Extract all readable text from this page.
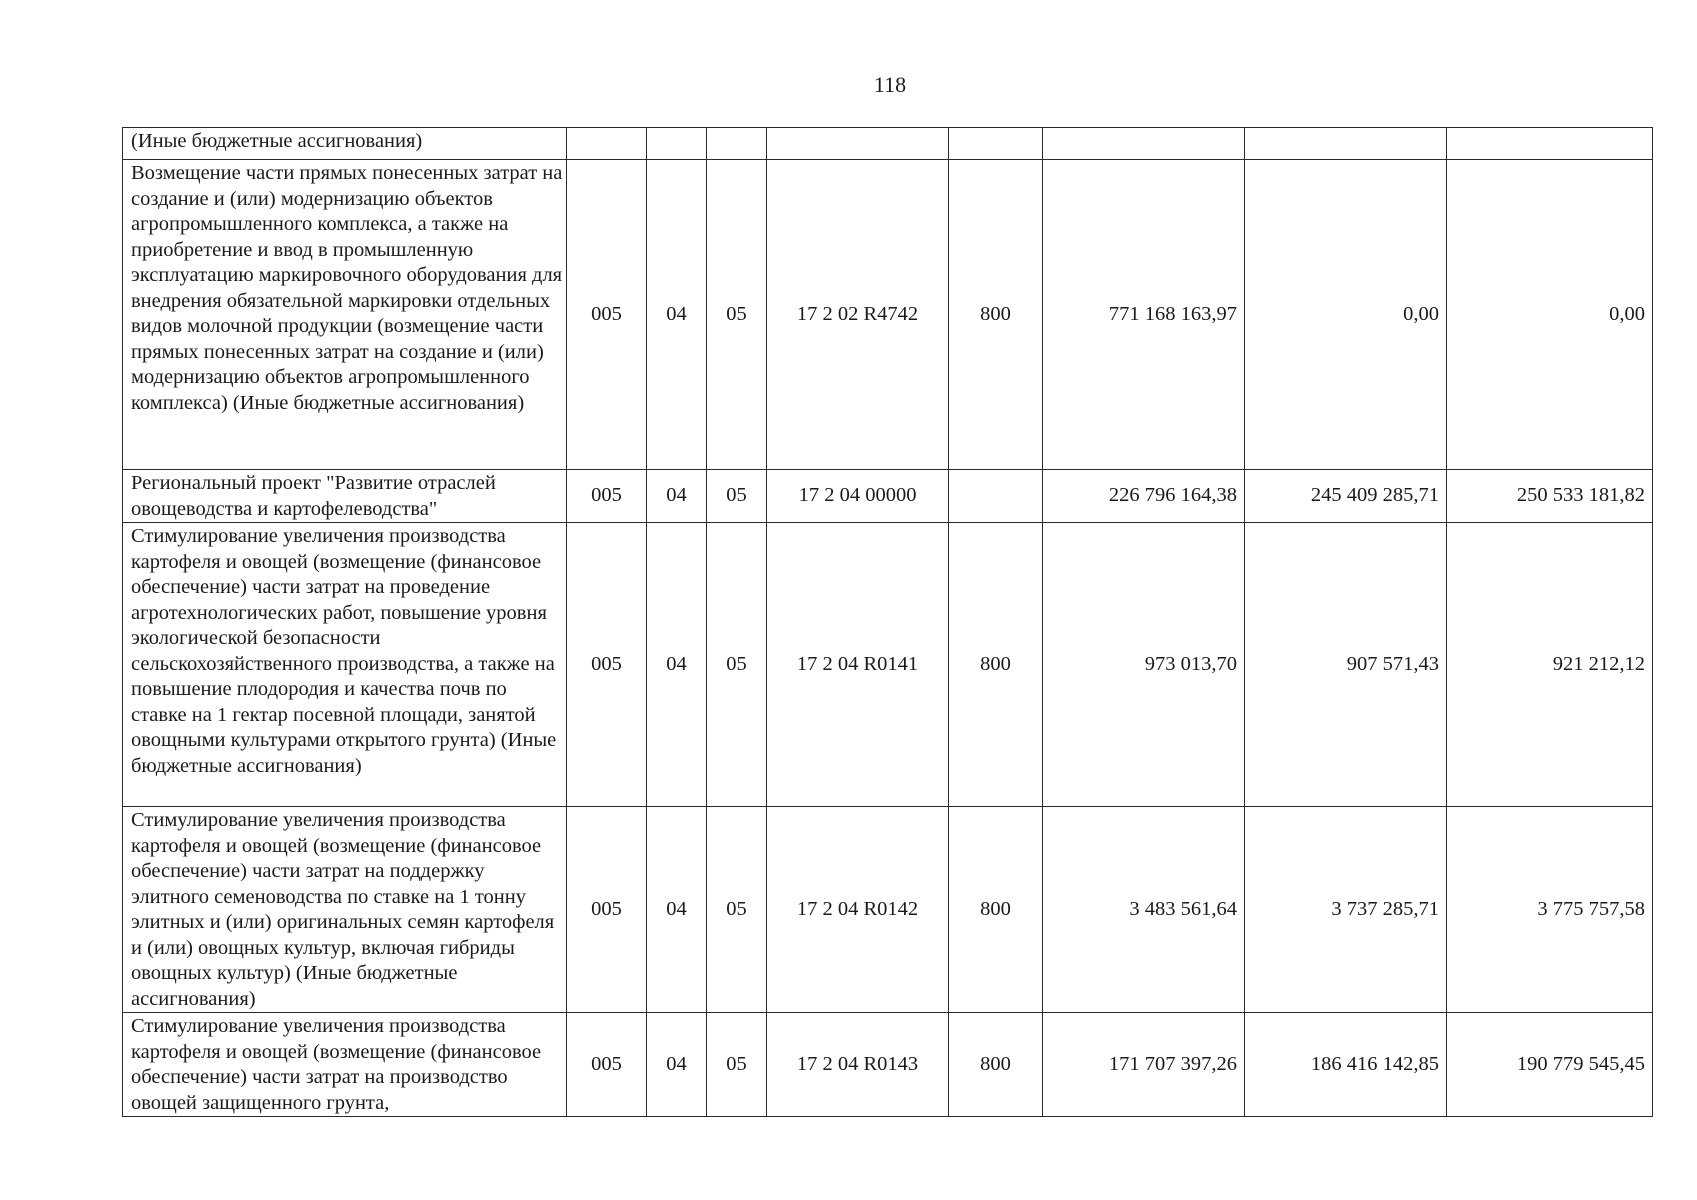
118
(Иные бюджетные ассигнования)								
Возмещение части прямых понесенных затрат на создание и (или) модернизацию объектов агропромышленного комплекса, а также на приобретение и ввод в промышленную эксплуатацию маркировочного оборудования для внедрения обязательной маркировки отдельных видов молочной продукции (возмещение части прямых понесенных затрат на создание и (или) модернизацию объектов агропромышленного комплекса) (Иные бюджетные ассигнования)	005	04	05	17 2 02 R4742	800	771 168 163,97	0,00	0,00
Региональный проект "Развитие отраслей овощеводства и картофелеводства"	005	04	05	17 2 04 00000		226 796 164,38	245 409 285,71	250 533 181,82
Стимулирование увеличения производства картофеля и овощей (возмещение (финансовое обеспечение) части затрат на проведение агротехнологических работ, повышение уровня экологической безопасности сельскохозяйственного производства, а также на повышение плодородия и качества почв по ставке на 1 гектар посевной площади, занятой овощными культурами открытого грунта) (Иные бюджетные ассигнования)	005	04	05	17 2 04 R0141	800	973 013,70	907 571,43	921 212,12
Стимулирование увеличения производства картофеля и овощей (возмещение (финансовое обеспечение) части затрат на поддержку элитного семеноводства по ставке на 1 тонну элитных и (или) оригинальных семян картофеля и (или) овощных культур, включая гибриды овощных культур) (Иные бюджетные ассигнования)	005	04	05	17 2 04 R0142	800	3 483 561,64	3 737 285,71	3 775 757,58
Стимулирование увеличения производства картофеля и овощей (возмещение (финансовое обеспечение) части затрат на производство овощей защищенного грунта,	005	04	05	17 2 04 R0143	800	171 707 397,26	186 416 142,85	190 779 545,45
